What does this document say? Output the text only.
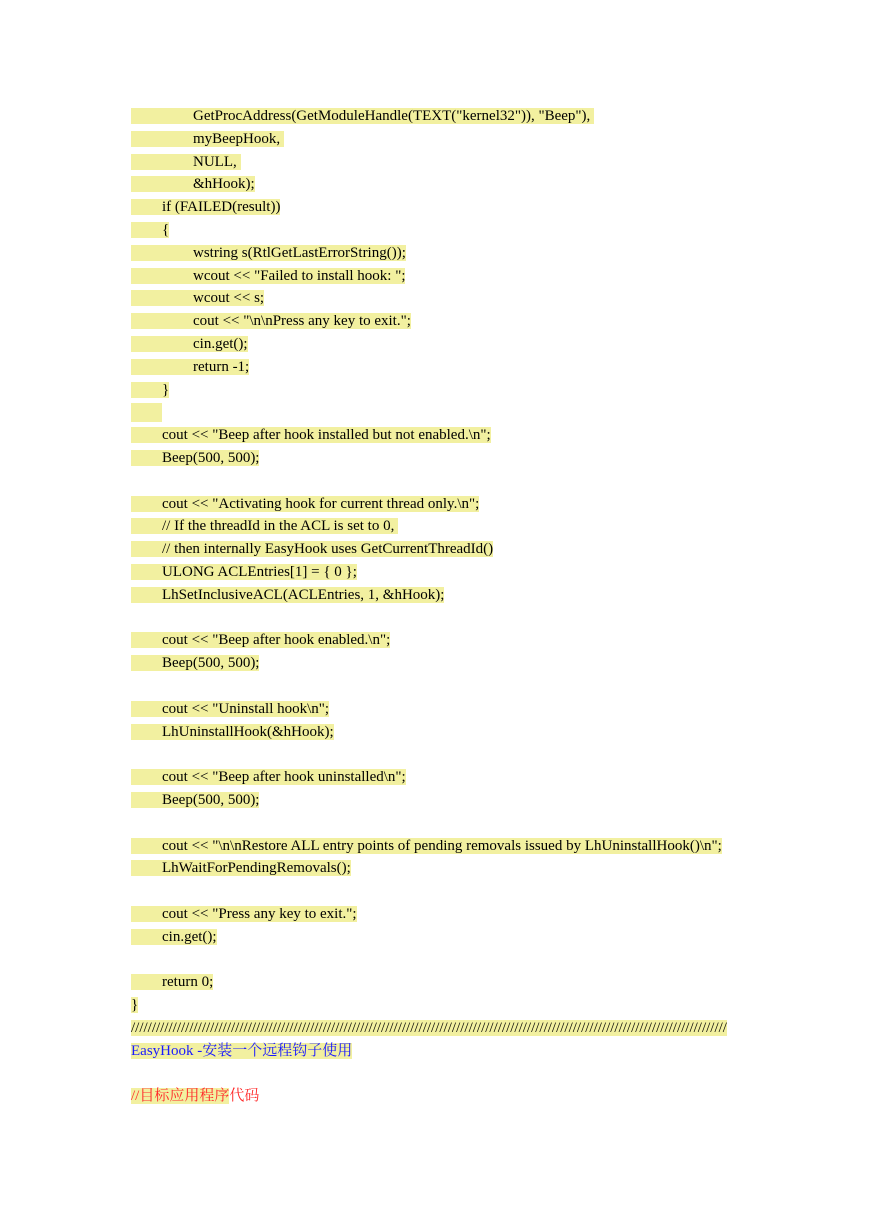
GetProcAddress(GetModuleHandle(TEXT("kernel32")), "Beep"),
myBeepHook,
NULL,
&hHook);
if (FAILED(result))
{
wstring s(RtlGetLastErrorString());
wcout << "Failed to install hook: ";
wcout << s;
cout << "\n\nPress any key to exit.";
cin.get();
return -1;
}
cout << "Beep after hook installed but not enabled.\n";
Beep(500, 500);
cout << "Activating hook for current thread only.\n";
// If the threadId in the ACL is set to 0,
// then internally EasyHook uses GetCurrentThreadId()
ULONG ACLEntries[1] = { 0 };
LhSetInclusiveACL(ACLEntries, 1, &hHook);
cout << "Beep after hook enabled.\n";
Beep(500, 500);
cout << "Uninstall hook\n";
LhUninstallHook(&hHook);
cout << "Beep after hook uninstalled\n";
Beep(500, 500);
cout << "\n\nRestore ALL entry points of pending removals issued by LhUninstallHook()\n";
LhWaitForPendingRemovals();
cout << "Press any key to exit.";
cin.get();
return 0;
}
///////////////////////////////////////////////////////////////////////////////////////////////////////////////////////////////////////////////
EasyHook -安装一个远程钩子使用
//目标应用程序代码
